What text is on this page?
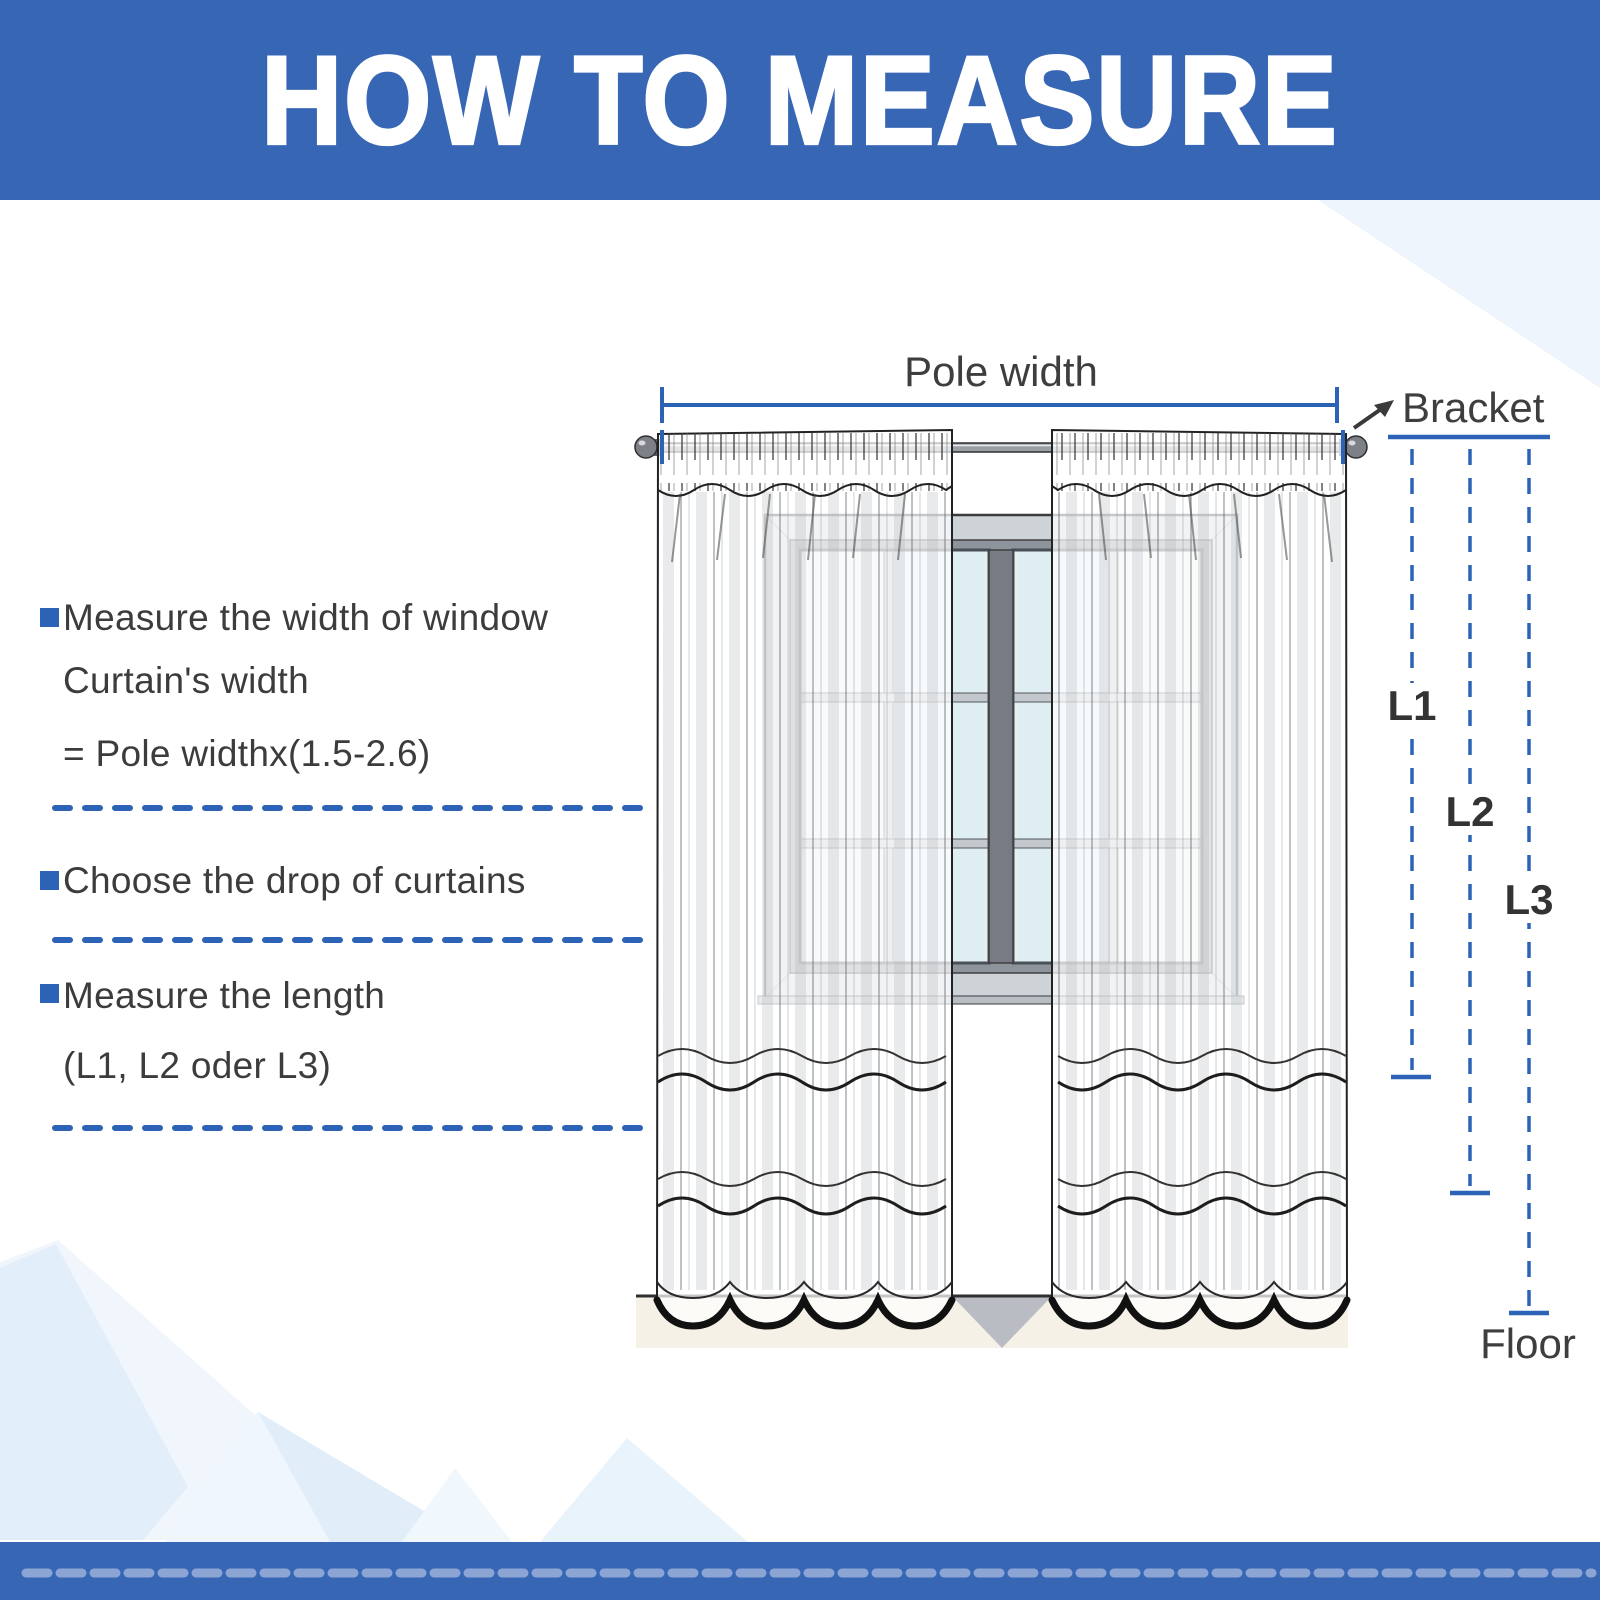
HOW TO MEASURE
Measure the width of window
Curtain's width
= Pole widthx(1.5-2.6)
Choose the drop of curtains
Measure the length
(L1, L2 oder L3)
Pole width
Bracket
L1
L2
L3
Floor
